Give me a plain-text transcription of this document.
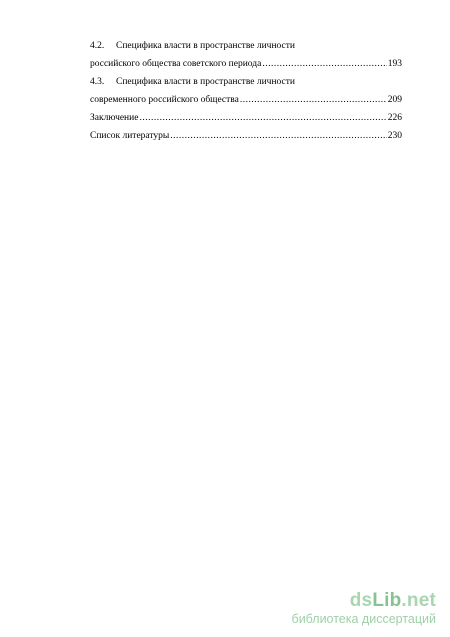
4.2. Специфика власти в пространстве личности
российского общества советского периода .....	193
4.3. Специфика власти в пространстве личности
современного российского общества .....	209
Заключение .....	226
Список литературы .....	230
dsLib.net
библиотека диссертаций
